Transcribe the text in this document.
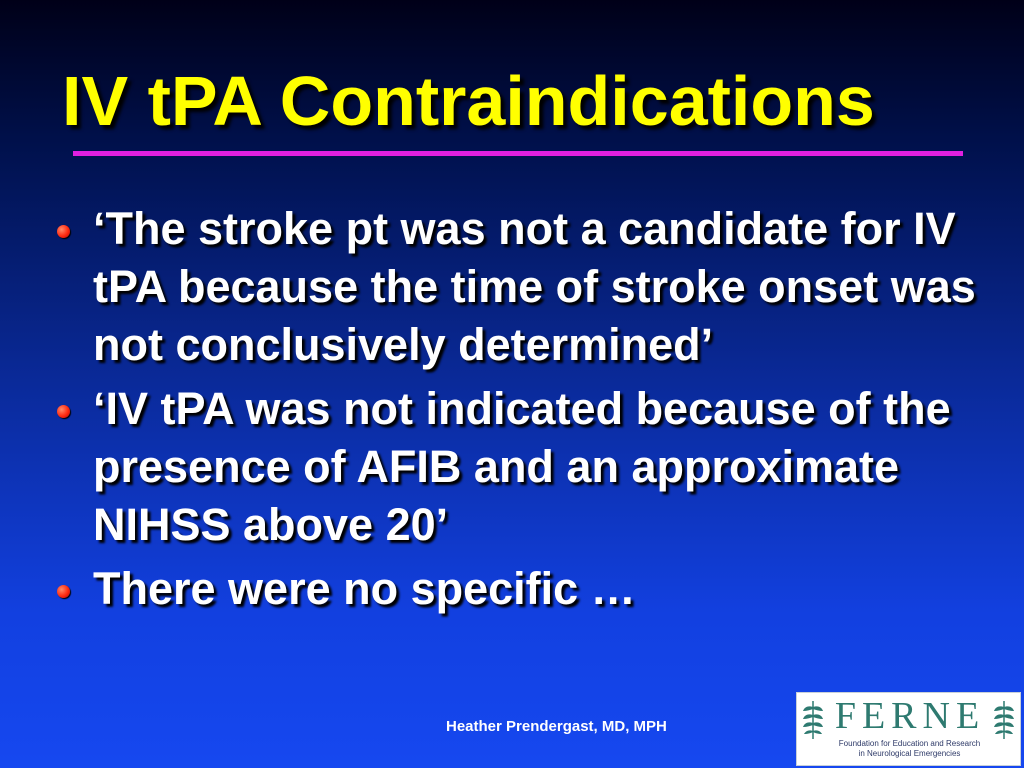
IV tPA Contraindications
‘The stroke pt was not a candidate for IV tPA because the time of stroke onset was not conclusively determined’
‘IV tPA was not indicated because of the presence of AFIB and an approximate NIHSS above 20’
There were no specific …
Heather Prendergast, MD, MPH	FERNE
Foundation for Education and Research
in Neurological Emergencies
